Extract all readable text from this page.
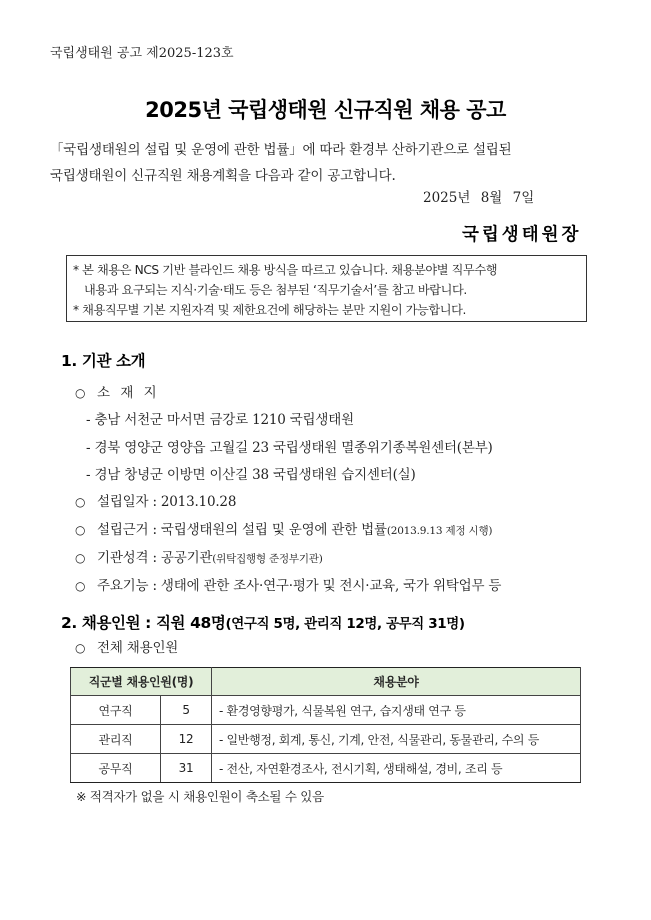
국립생태원 공고 제2025-123호
2025년 국립생태원 신규직원 채용 공고
「국립생태원의 설립 및 운영에 관한 법률」에 따라 환경부 산하기관으로 설립된
국립생태원이 신규직원 채용계획을 다음과 같이 공고합니다.
2025년 8월 7일
국립생태원장
* 본 채용은 NCS 기반 블라인드 채용 방식을 따르고 있습니다. 채용분야별 직무수행
내용과 요구되는 지식·기술·태도 등은 첨부된 ‘직무기술서’를 참고 바랍니다.
* 채용직무별 기본 지원자격 및 제한요건에 해당하는 분만 지원이 가능합니다.
1. 기관 소개
○ 소 재 지
- 충남 서천군 마서면 금강로 1210 국립생태원
- 경북 영양군 영양읍 고월길 23 국립생태원 멸종위기종복원센터(본부)
- 경남 창녕군 이방면 이산길 38 국립생태원 습지센터(실)
○ 설립일자 : 2013.10.28
○ 설립근거 : 국립생태원의 설립 및 운영에 관한 법률(2013.9.13 제정 시행)
○ 기관성격 : 공공기관(위탁집행형 준정부기관)
○ 주요기능 : 생태에 관한 조사·연구·평가 및 전시·교육, 국가 위탁업무 등
2. 채용인원 : 직원 48명(연구직 5명, 관리직 12명, 공무직 31명)
○ 전체 채용인원
직군별 채용인원(명)		채용분야
연구직	5	- 환경영향평가, 식물복원 연구, 습지생태 연구 등
관리직	12	- 일반행정, 회계, 통신, 기계, 안전, 식물관리, 동물관리, 수의 등
공무직	31	- 전산, 자연환경조사, 전시기획, 생태해설, 경비, 조리 등
※ 적격자가 없을 시 채용인원이 축소될 수 있음
